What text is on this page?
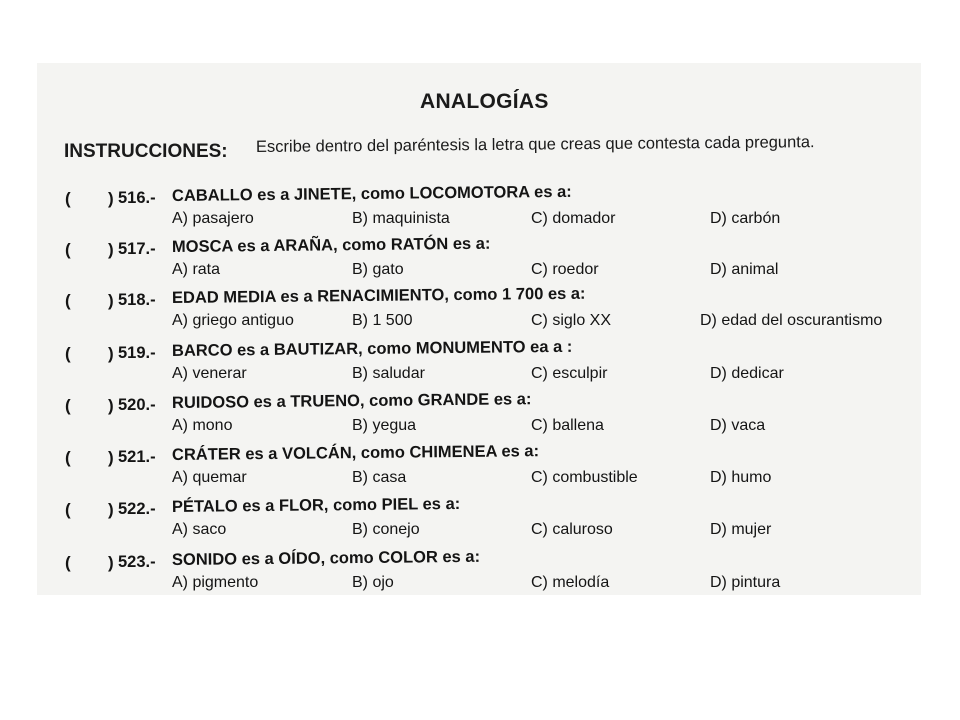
ANALOGÍAS
INSTRUCCIONES: Escribe dentro del paréntesis la letra que creas que contesta cada pregunta.
( ) 516.- CABALLO es a JINETE, como LOCOMOTORA es a:
A) pasajero	B) maquinista	C) domador	D) carbón
( ) 517.- MOSCA es a ARAÑA, como RATÓN es a:
A) rata	B) gato	C) roedor	D) animal
( ) 518.- EDAD MEDIA es a RENACIMIENTO, como 1 700 es a:
A) griego antiguo	B) 1 500	C) siglo XX	D) edad del oscurantismo
( ) 519.- BARCO es a BAUTIZAR, como MONUMENTO ea a :
A) venerar	B) saludar	C) esculpir	D) dedicar
( ) 520.- RUIDOSO es a TRUENO, como GRANDE es a:
A) mono	B) yegua	C) ballena	D) vaca
( ) 521.- CRÁTER es a VOLCÁN, como CHIMENEA es a:
A) quemar	B) casa	C) combustible	D) humo
( ) 522.- PÉTALO es a FLOR, como PIEL es a:
A) saco	B) conejo	C) caluroso	D) mujer
( ) 523.- SONIDO es a OÍDO, como COLOR es a:
A) pigmento	B) ojo	C) melodía	D) pintura
